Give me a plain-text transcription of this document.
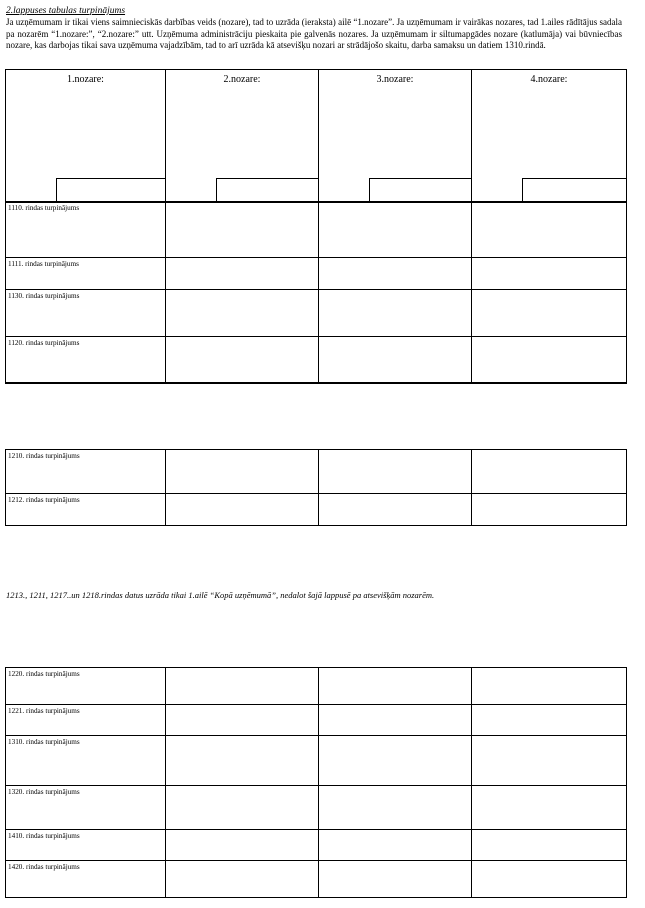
2.lappuses tabulas turpinājums
Ja uzņēmumam ir tikai viens saimnieciskās darbības veids (nozare), tad to uzrāda (ieraksta) ailē “1.nozare”. Ja uzņēmumam ir vairākas nozares, tad 1.ailes rādītājus sadala pa nozarēm “1.nozare:”, “2.nozare:” utt. Uzņēmuma administrāciju pieskaita pie galvenās nozares. Ja uzņēmumam ir siltumapgādes nozare (katlumāja) vai būvniecības nozare, kas darbojas tikai sava uzņēmuma vajadzībām, tad to arī uzrāda kā atsevišķu nozari ar strādājošo skaitu, darba samaksu un datiem 1310.rindā.
1.nozare:	2.nozare:	3.nozare:	4.nozare:
1110. rindas turpinājums			
1111. rindas turpinājums			
1130. rindas turpinājums			
1120. rindas turpinājums			
1210. rindas turpinājums			
1212. rindas turpinājums			
1213., 1211, 1217..un 1218.rindas datus uzrāda tikai 1.ailē “Kopā uzņēmumā”, nedalot šajā lappusē pa atsevišķām nozarēm.
1220. rindas turpinājums			
1221. rindas turpinājums			
1310. rindas turpinājums			
1320. rindas turpinājums			
1410. rindas turpinājums			
1420. rindas turpinājums			
